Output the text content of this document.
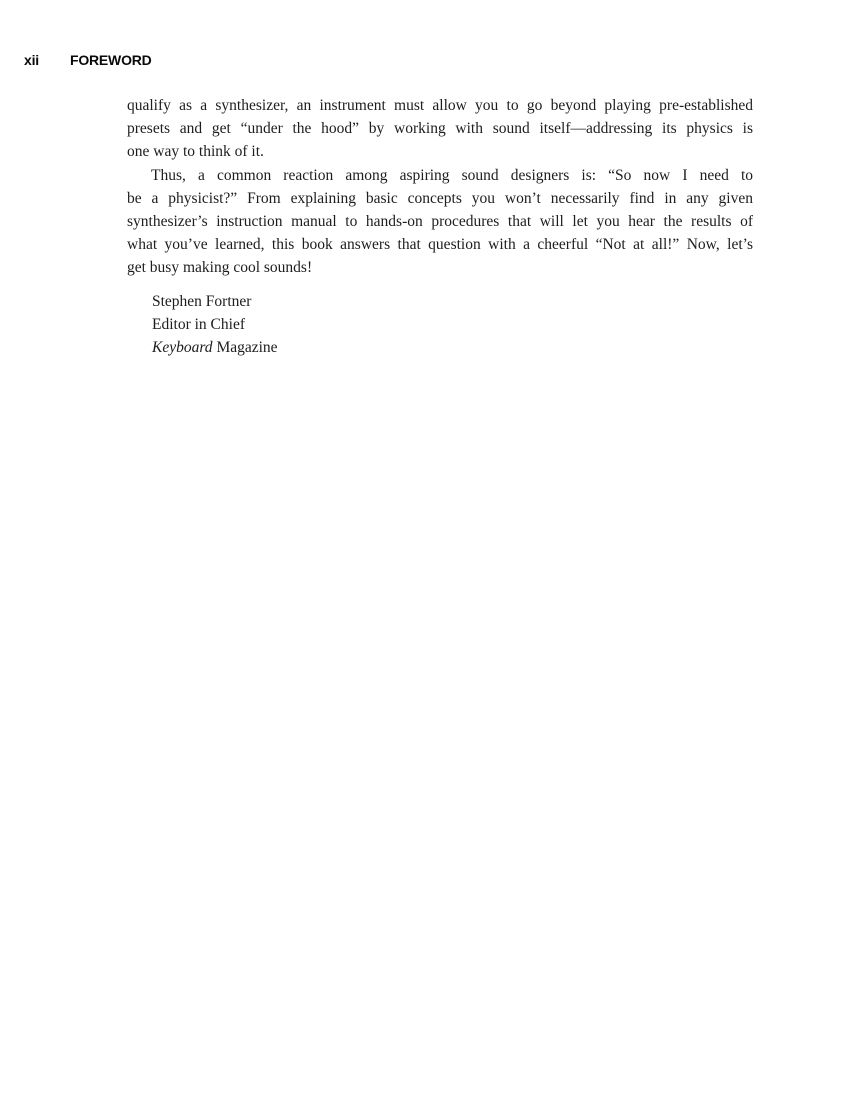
xii FOREWORD
qualify as a synthesizer, an instrument must allow you to go beyond playing pre-established
presets and get “under the hood” by working with sound itself—addressing its physics is
one way to think of it.
Thus, a common reaction among aspiring sound designers is: “So now I need to
be a physicist?” From explaining basic concepts you won’t necessarily find in any given
synthesizer’s instruction manual to hands-on procedures that will let you hear the results of
what you’ve learned, this book answers that question with a cheerful “Not at all!” Now, let’s
get busy making cool sounds!
Stephen Fortner
Editor in Chief
Keyboard Magazine
